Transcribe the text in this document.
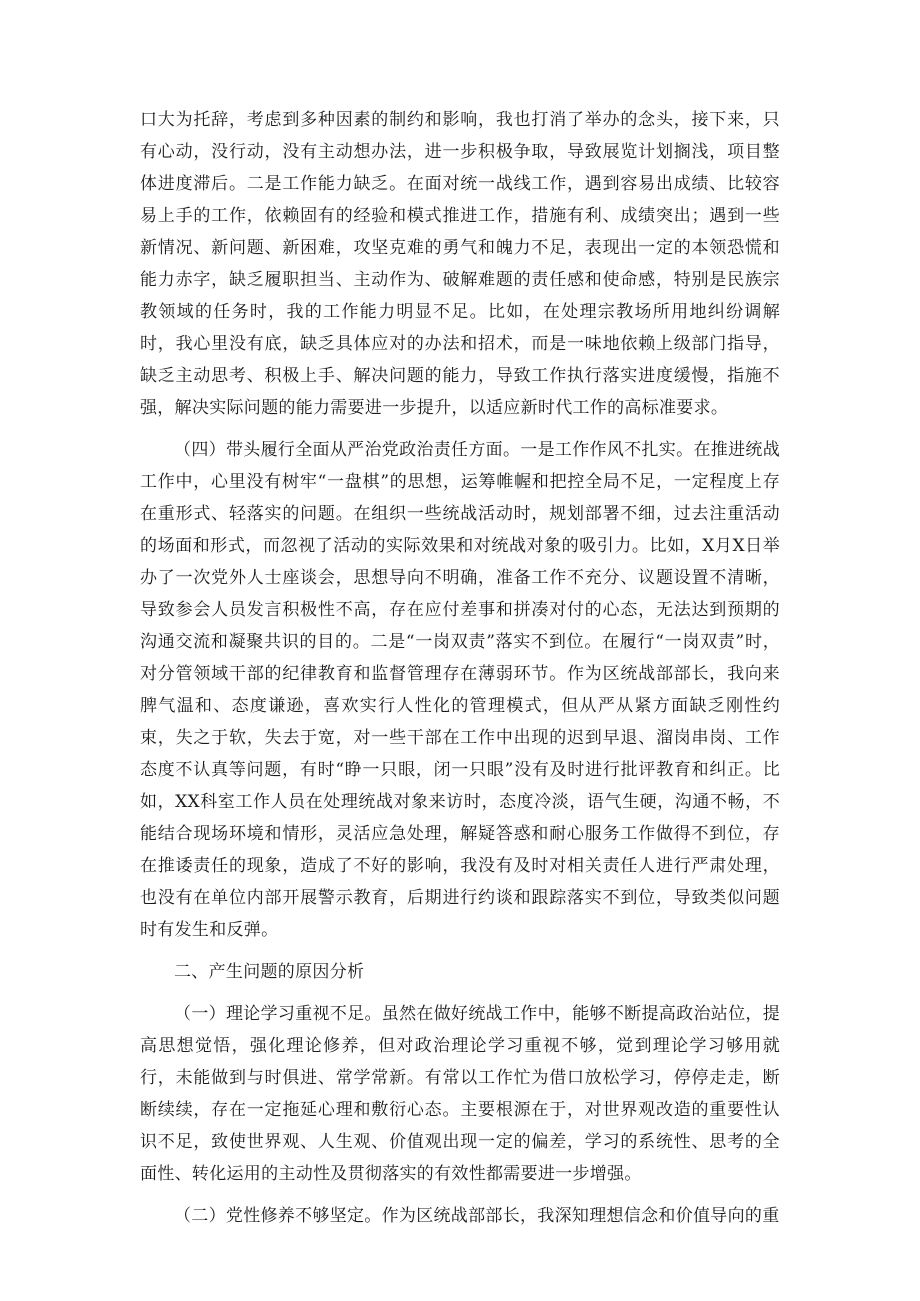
口大为托辞，考虑到多种因素的制约和影响，我也打消了举办的念头，接下来，只有心动，没行动，没有主动想办法，进一步积极争取，导致展览计划搁浅，项目整体进度滞后。二是工作能力缺乏。在面对统一战线工作，遇到容易出成绩、比较容易上手的工作，依赖固有的经验和模式推进工作，措施有利、成绩突出；遇到一些新情况、新问题、新困难，攻坚克难的勇气和魄力不足，表现出一定的本领恐慌和能力赤字，缺乏履职担当、主动作为、破解难题的责任感和使命感，特别是民族宗教领域的任务时，我的工作能力明显不足。比如，在处理宗教场所用地纠纷调解时，我心里没有底，缺乏具体应对的办法和招术，而是一味地依赖上级部门指导，缺乏主动思考、积极上手、解决问题的能力，导致工作执行落实进度缓慢，指施不强，解决实际问题的能力需要进一步提升，以适应新时代工作的高标准要求。

（四）带头履行全面从严治党政治责任方面。一是工作作风不扎实。在推进统战工作中，心里没有树牢“一盘棋”的思想，运筹帷幄和把控全局不足，一定程度上存在重形式、轻落实的问题。在组织一些统战活动时，规划部署不细，过去注重活动的场面和形式，而忽视了活动的实际效果和对统战对象的吸引力。比如，X月X日举办了一次党外人士座谈会，思想导向不明确，准备工作不充分、议题设置不清晰，导致参会人员发言积极性不高，存在应付差事和拼凑对付的心态，无法达到预期的沟通交流和凝聚共识的目的。二是“一岗双责”落实不到位。在履行“一岗双责”时，对分管领域干部的纪律教育和监督管理存在薄弱环节。作为区统战部部长，我向来脾气温和、态度谦逊，喜欢实行人性化的管理模式，但从严从紧方面缺乏刚性约束，失之于软，失去于宽，对一些干部在工作中出现的迟到早退、溜岗串岗、工作态度不认真等问题，有时“睁一只眼，闭一只眼”没有及时进行批评教育和纠正。比如，XX科室工作人员在处理统战对象来访时，态度冷淡，语气生硬，沟通不畅，不能结合现场环境和情形，灵活应急处理，解疑答惑和耐心服务工作做得不到位，存在推诿责任的现象，造成了不好的影响，我没有及时对相关责任人进行严肃处理，也没有在单位内部开展警示教育，后期进行约谈和跟踪落实不到位，导致类似问题时有发生和反弹。

二、产生问题的原因分析

（一）理论学习重视不足。虽然在做好统战工作中，能够不断提高政治站位，提高思想觉悟，强化理论修养，但对政治理论学习重视不够，觉到理论学习够用就行，未能做到与时俱进、常学常新。有常以工作忙为借口放松学习，停停走走，断断续续，存在一定拖延心理和敷衍心态。主要根源在于，对世界观改造的重要性认识不足，致使世界观、人生观、价值观出现一定的偏差，学习的系统性、思考的全面性、转化运用的主动性及贯彻落实的有效性都需要进一步增强。

（二）党性修养不够坚定。作为区统战部部长，我深知理想信念和价值导向的重
